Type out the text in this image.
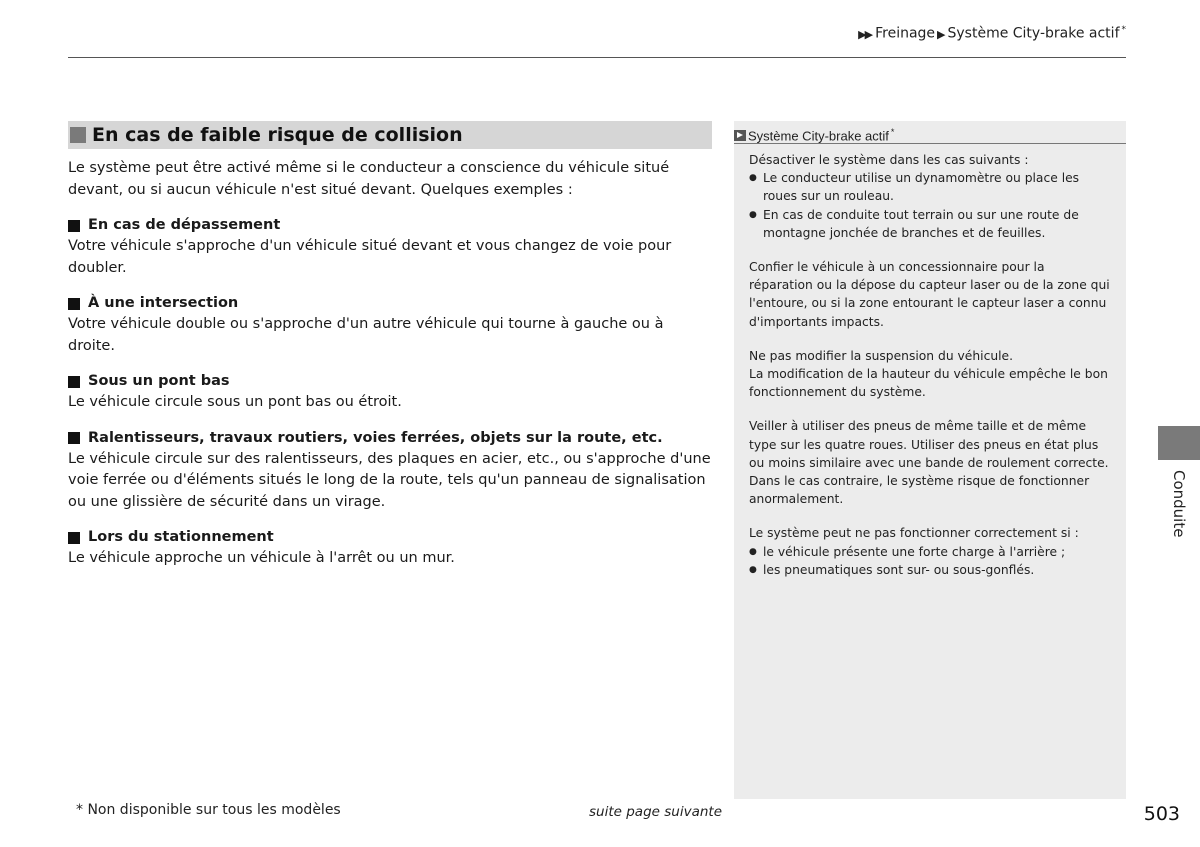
▶▶ Freinage ▶ Système City-brake actif *
En cas de faible risque de collision

Le système peut être activé même si le conducteur a conscience du véhicule situé devant, ou si aucun véhicule n'est situé devant. Quelques exemples :

En cas de dépassement
Votre véhicule s'approche d'un véhicule situé devant et vous changez de voie pour doubler.
À une intersection
Votre véhicule double ou s'approche d'un autre véhicule qui tourne à gauche ou à droite.
Sous un pont bas
Le véhicule circule sous un pont bas ou étroit.
Ralentisseurs, travaux routiers, voies ferrées, objets sur la route, etc.
Le véhicule circule sur des ralentisseurs, des plaques en acier, etc., ou s'approche d'une voie ferrée ou d'éléments situés le long de la route, tels qu'un panneau de signalisation ou une glissière de sécurité dans un virage.
Lors du stationnement
Le véhicule approche un véhicule à l'arrêt ou un mur.
Système City-brake actif *

Désactiver le système dans les cas suivants :

● Le conducteur utilise un dynamomètre ou place les roues sur un rouleau.
● En cas de conduite tout terrain ou sur une route de montagne jonchée de branches et de feuilles.

Confier le véhicule à un concessionnaire pour la réparation ou la dépose du capteur laser ou de la zone qui l'entoure, ou si la zone entourant le capteur laser a connu d'importants impacts.

Ne pas modifier la suspension du véhicule.

La modification de la hauteur du véhicule empêche le bon fonctionnement du système.

Veiller à utiliser des pneus de même taille et de même type sur les quatre roues. Utiliser des pneus en état plus ou moins similaire avec une bande de roulement correcte. Dans le cas contraire, le système risque de fonctionner anormalement.

Le système peut ne pas fonctionner correctement si :

● le véhicule présente une forte charge à l'arrière ;
● les pneumatiques sont sur- ou sous-gonflés.
Conduite
* Non disponible sur tous les modèles	suite page suivante	503
